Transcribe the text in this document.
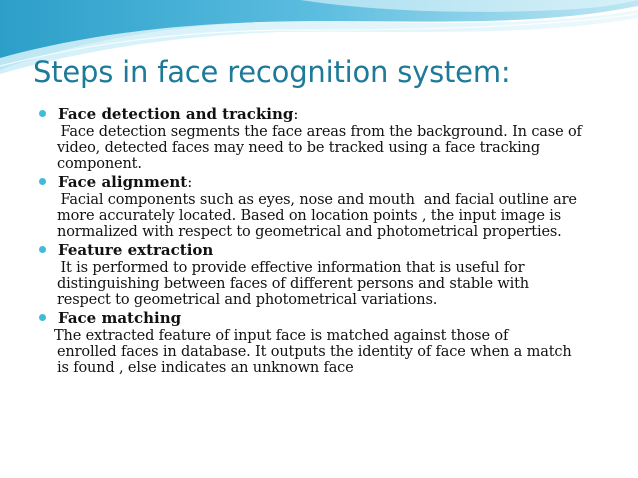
Steps in face recognition system:
Face detection and tracking:
Face detection segments the face areas from the background. In case of
video, detected faces may need to be tracked using a face tracking
component.
Face alignment:
Facial components such as eyes, nose and mouth  and facial outline are
more accurately located. Based on location points , the input image is
normalized with respect to geometrical and photometrical properties.
Feature extraction
It is performed to provide effective information that is useful for
distinguishing between faces of different persons and stable with
respect to geometrical and photometrical variations.
Face matching
The extracted feature of input face is matched against those of
enrolled faces in database. It outputs the identity of face when a match
is found , else indicates an unknown face
